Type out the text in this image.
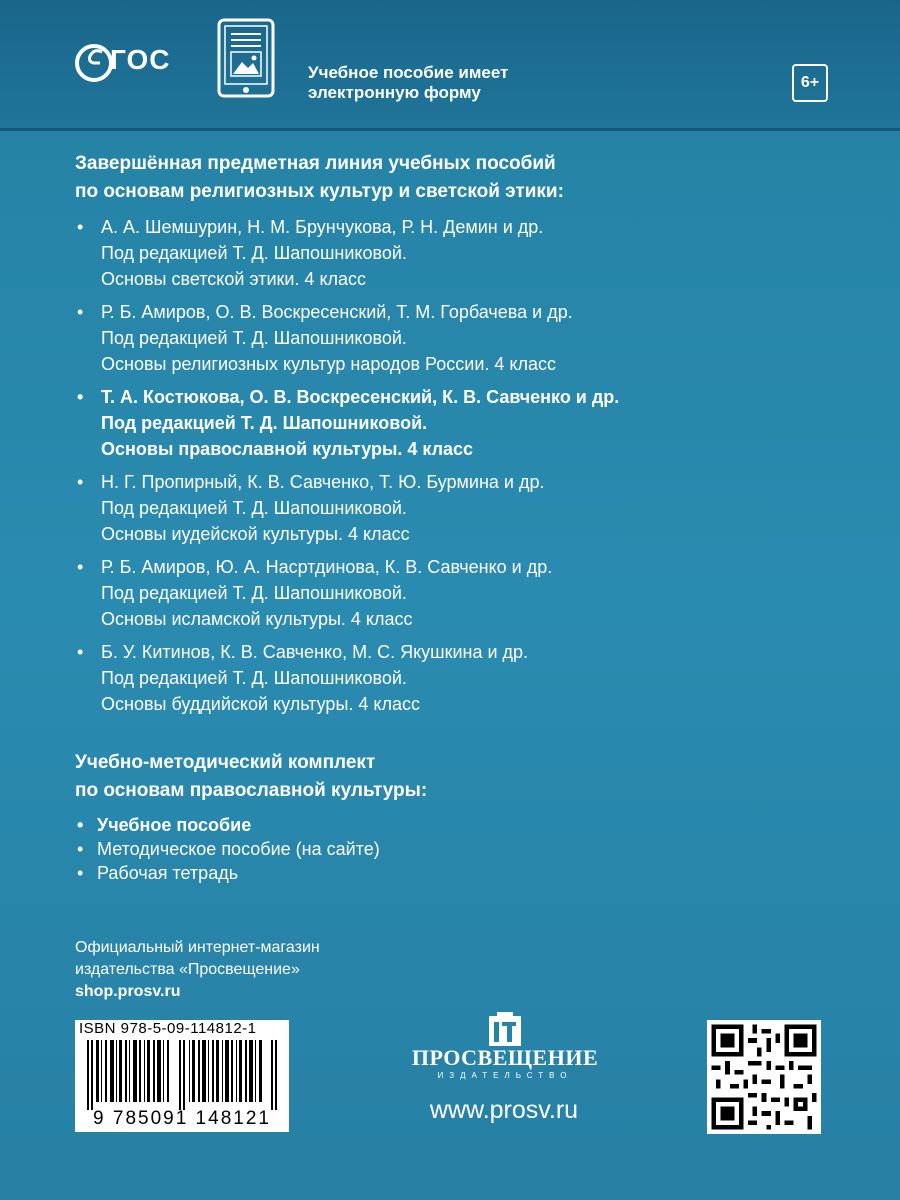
ГОС	Учебное пособие имеет
электронную форму
6+

Завершённая предметная линия учебных пособий
по основам религиозных культур и светской этики:

• А. А. Шемшурин, Н. М. Брунчукова, Р. Н. Демин и др.
Под редакцией Т. Д. Шапошниковой.
Основы светской этики. 4 класс
• Р. Б. Амиров, О. В. Воскресенский, Т. М. Горбачева и др.
Под редакцией Т. Д. Шапошниковой.
Основы религиозных культур народов России. 4 класс
• Т. А. Костюкова, О. В. Воскресенский, К. В. Савченко и др.
Под редакцией Т. Д. Шапошниковой.
Основы православной культуры. 4 класс
• Н. Г. Пропирный, К. В. Савченко, Т. Ю. Бурмина и др.
Под редакцией Т. Д. Шапошниковой.
Основы иудейской культуры. 4 класс
• Р. Б. Амиров, Ю. А. Насртдинова, К. В. Савченко и др.
Под редакцией Т. Д. Шапошниковой.
Основы исламской культуры. 4 класс
• Б. У. Китинов, К. В. Савченко, М. С. Якушкина и др.
Под редакцией Т. Д. Шапошниковой.
Основы буддийской культуры. 4 класс

Учебно-методический комплект
по основам православной культуры:

• Учебное пособие
• Методическое пособие (на сайте)
• Рабочая тетрадь
Официальный интернет-магазин
издательства «Просвещение»
shop.prosv.ru
ISBN 978-5-09-114812-1
9 785091 148121
ПРОСВЕЩЕНИЕ
ИЗДАТЕЛЬСТВО
www.prosv.ru
